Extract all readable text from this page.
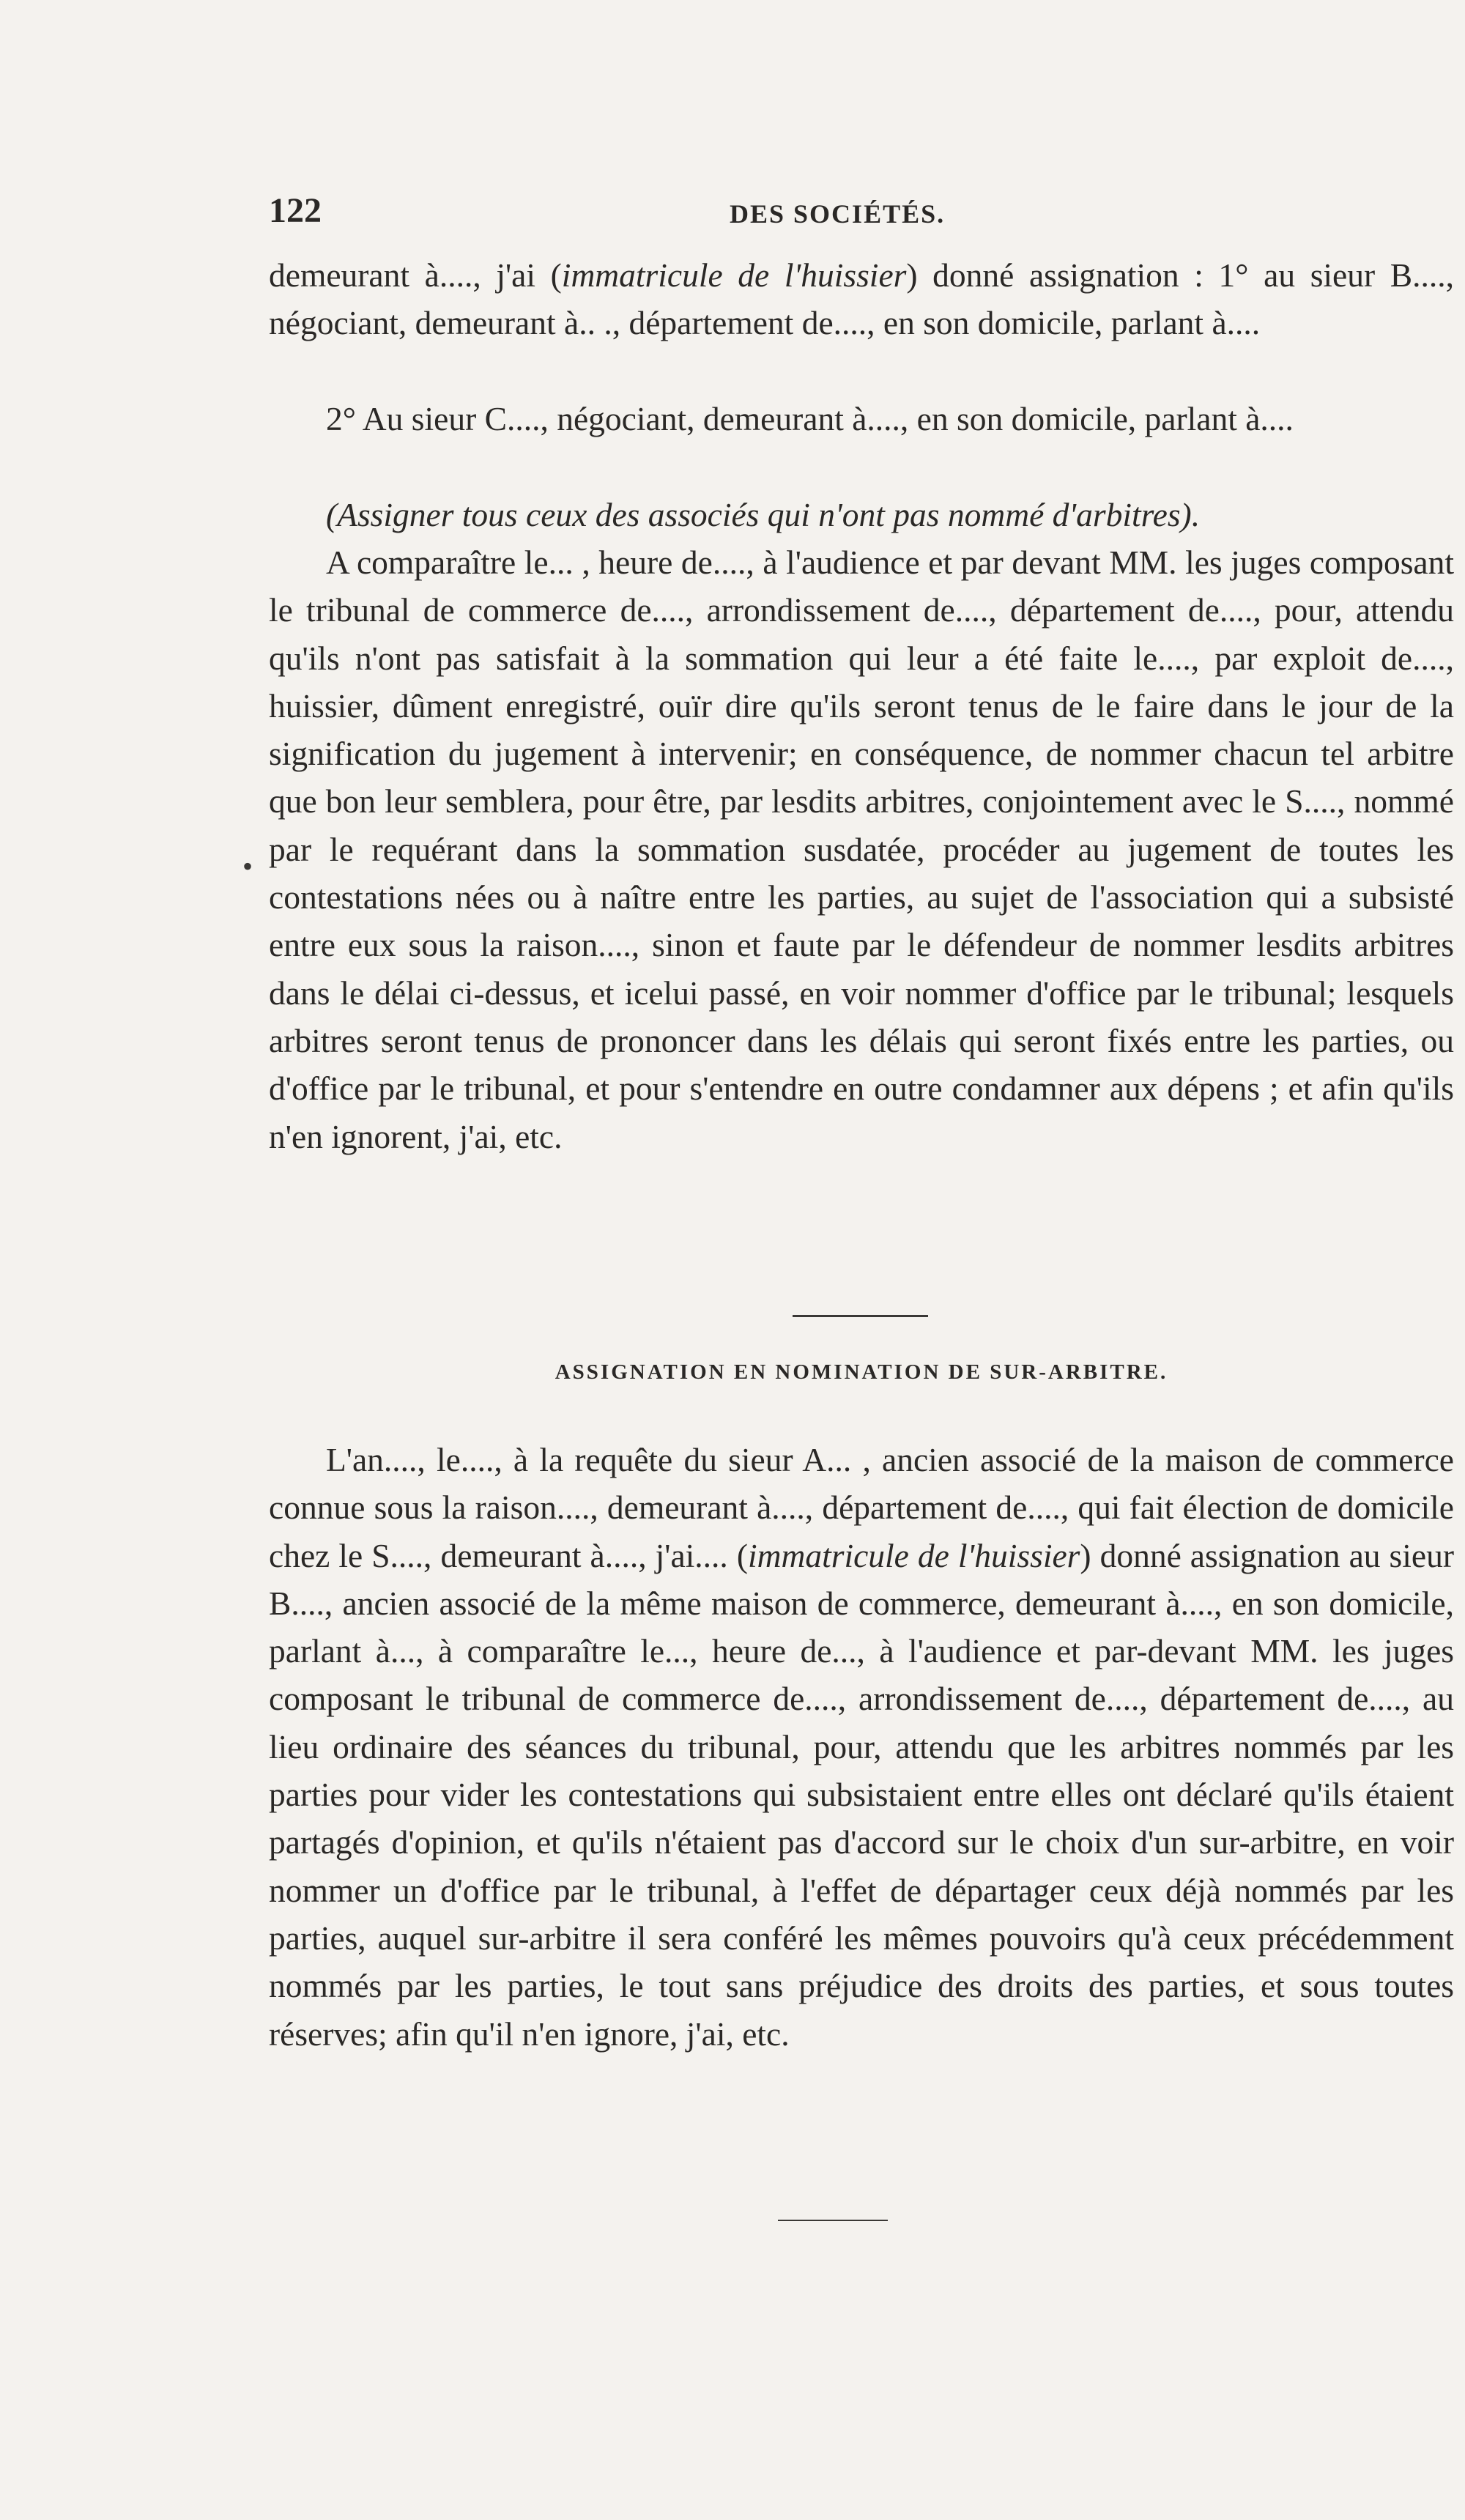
122	DES SOCIÉTÉS.

demeurant à...., j'ai (immatricule de l'huissier) donné assignation : 1° au sieur B...., négociant, demeurant à.. ., département de...., en son domicile, parlant à....

2° Au sieur C...., négociant, demeurant à...., en son domicile, parlant à....

(Assigner tous ceux des associés qui n'ont pas nommé d'arbitres).

A comparaître le... , heure de...., à l'audience et par devant MM. les juges composant le tribunal de commerce de...., arrondissement de...., département de...., pour, attendu qu'ils n'ont pas satisfait à la sommation qui leur a été faite le...., par exploit de...., huissier, dûment enregistré, ouïr dire qu'ils seront tenus de le faire dans le jour de la signification du jugement à intervenir; en conséquence, de nommer chacun tel arbitre que bon leur semblera, pour être, par lesdits arbitres, conjointement avec le S...., nommé par le requérant dans la sommation susdatée, procéder au jugement de toutes les contestations nées ou à naître entre les parties, au sujet de l'association qui a subsisté entre eux sous la raison...., sinon et faute par le défendeur de nommer lesdits arbitres dans le délai ci-dessus, et icelui passé, en voir nommer d'office par le tribunal; lesquels arbitres seront tenus de prononcer dans les délais qui seront fixés entre les parties, ou d'office par le tribunal, et pour s'entendre en outre condamner aux dépens ; et afin qu'ils n'en ignorent, j'ai, etc.

•
ASSIGNATION EN NOMINATION DE SUR-ARBITRE.

L'an...., le...., à la requête du sieur A... , ancien associé de la maison de commerce connue sous la raison...., demeurant à...., département de...., qui fait élection de domicile chez le S...., demeurant à...., j'ai.... (immatricule de l'huissier) donné assignation au sieur B...., ancien associé de la même maison de commerce, demeurant à...., en son domicile, parlant à..., à comparaître le..., heure de..., à l'audience et par-devant MM. les juges composant le tribunal de commerce de...., arrondissement de...., département de...., au lieu ordinaire des séances du tribunal, pour, attendu que les arbitres nommés par les parties pour vider les contestations qui subsistaient entre elles ont déclaré qu'ils étaient partagés d'opinion, et qu'ils n'étaient pas d'accord sur le choix d'un sur-arbitre, en voir nommer un d'office par le tribunal, à l'effet de départager ceux déjà nommés par les parties, auquel sur-arbitre il sera conféré les mêmes pouvoirs qu'à ceux précédemment nommés par les parties, le tout sans préjudice des droits des parties, et sous toutes réserves; afin qu'il n'en ignore, j'ai, etc.
